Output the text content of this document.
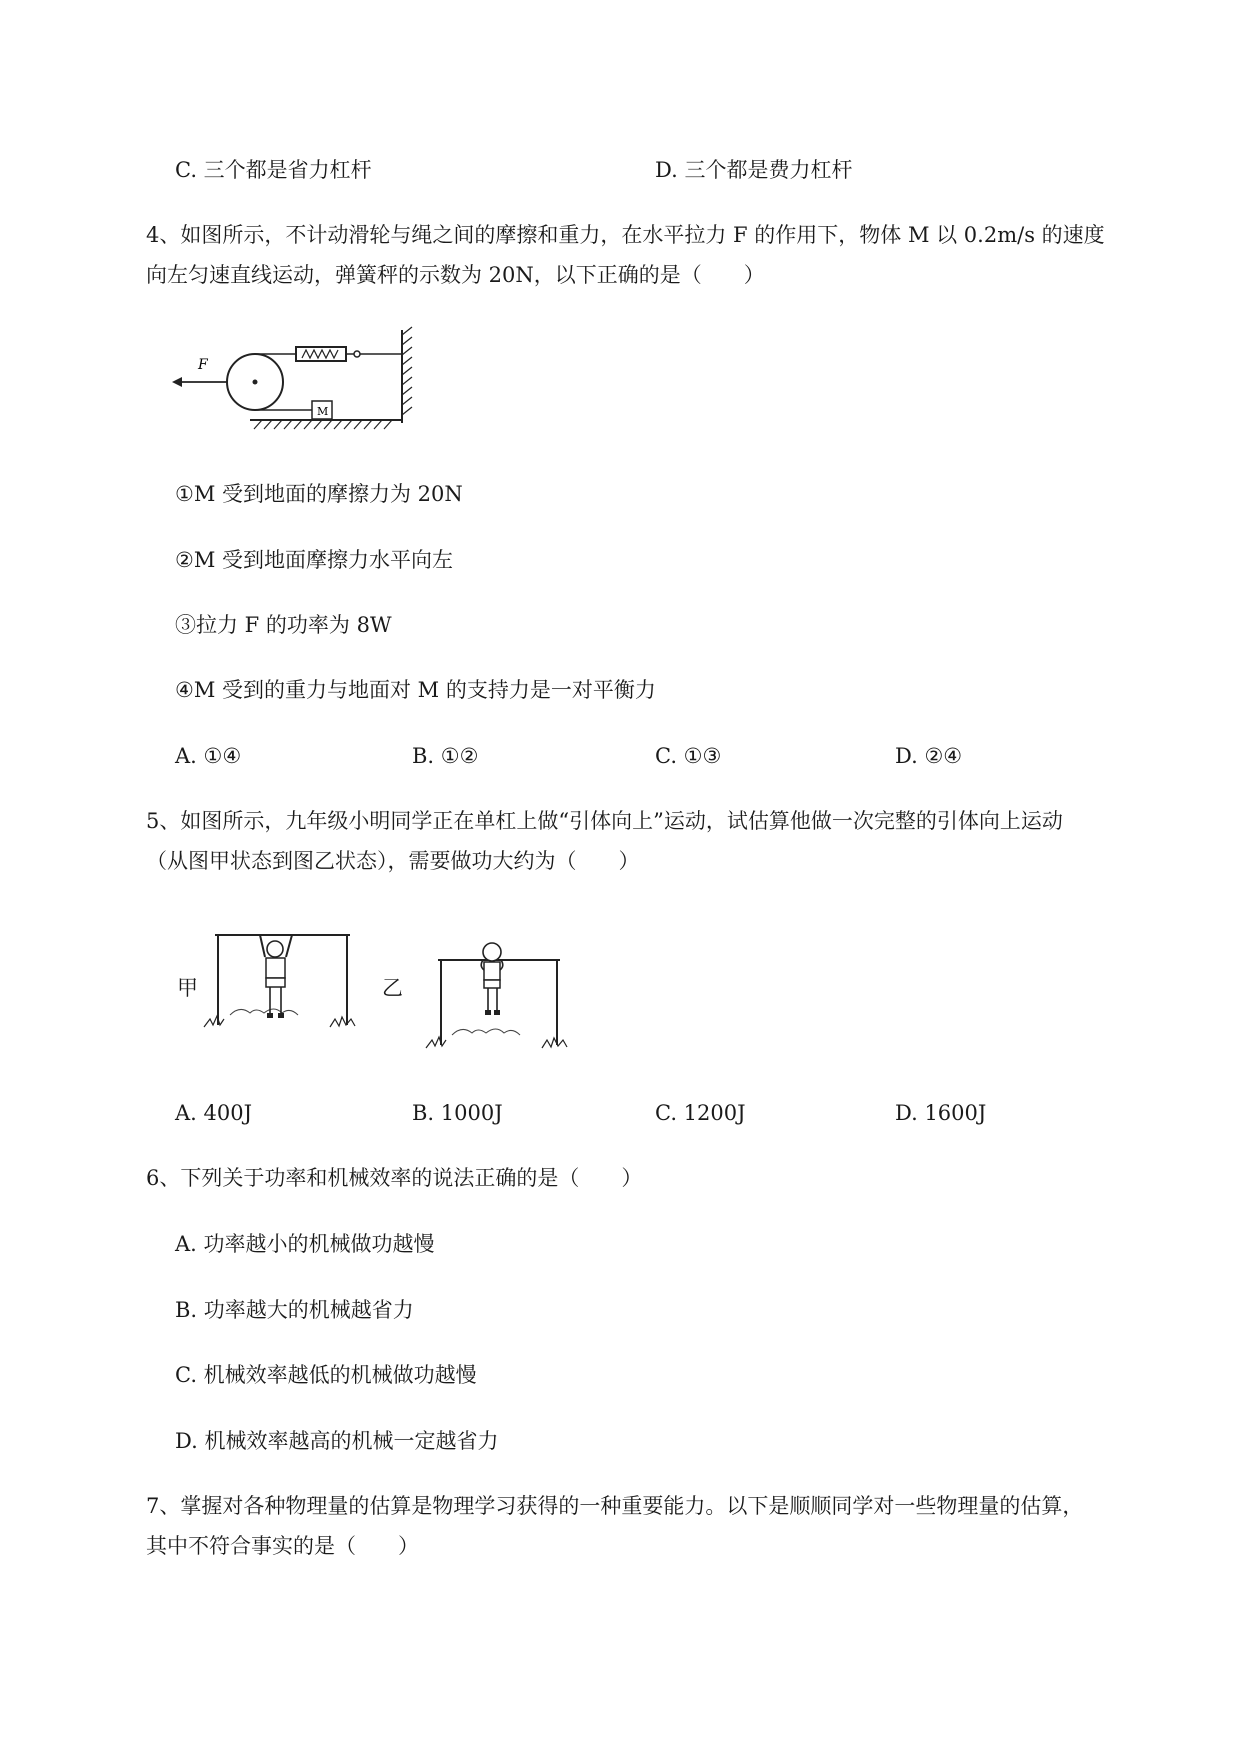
C. 三个都是省力杠杆	D. 三个都是费力杠杆
4、如图所示，不计动滑轮与绳之间的摩擦和重力，在水平拉力 F 的作用下，物体 M 以 0.2m/s 的速度
向左匀速直线运动，弹簧秤的示数为 20N，以下正确的是（　　）
M
F
①M 受到地面的摩擦力为 20N
②M 受到地面摩擦力水平向左
③拉力 F 的功率为 8W
④M 受到的重力与地面对 M 的支持力是一对平衡力
A. ①④	B. ①②	C. ①③	D. ②④
5、如图所示，九年级小明同学正在单杠上做“引体向上”运动，试估算他做一次完整的引体向上运动
（从图甲状态到图乙状态），需要做功大约为（　　）
甲	乙
A. 400J	B. 1000J	C. 1200J	D. 1600J
6、下列关于功率和机械效率的说法正确的是（　　）
A. 功率越小的机械做功越慢
B. 功率越大的机械越省力
C. 机械效率越低的机械做功越慢
D. 机械效率越高的机械一定越省力
7、掌握对各种物理量的估算是物理学习获得的一种重要能力。以下是顺顺同学对一些物理量的估算，
其中不符合事实的是（　　）
